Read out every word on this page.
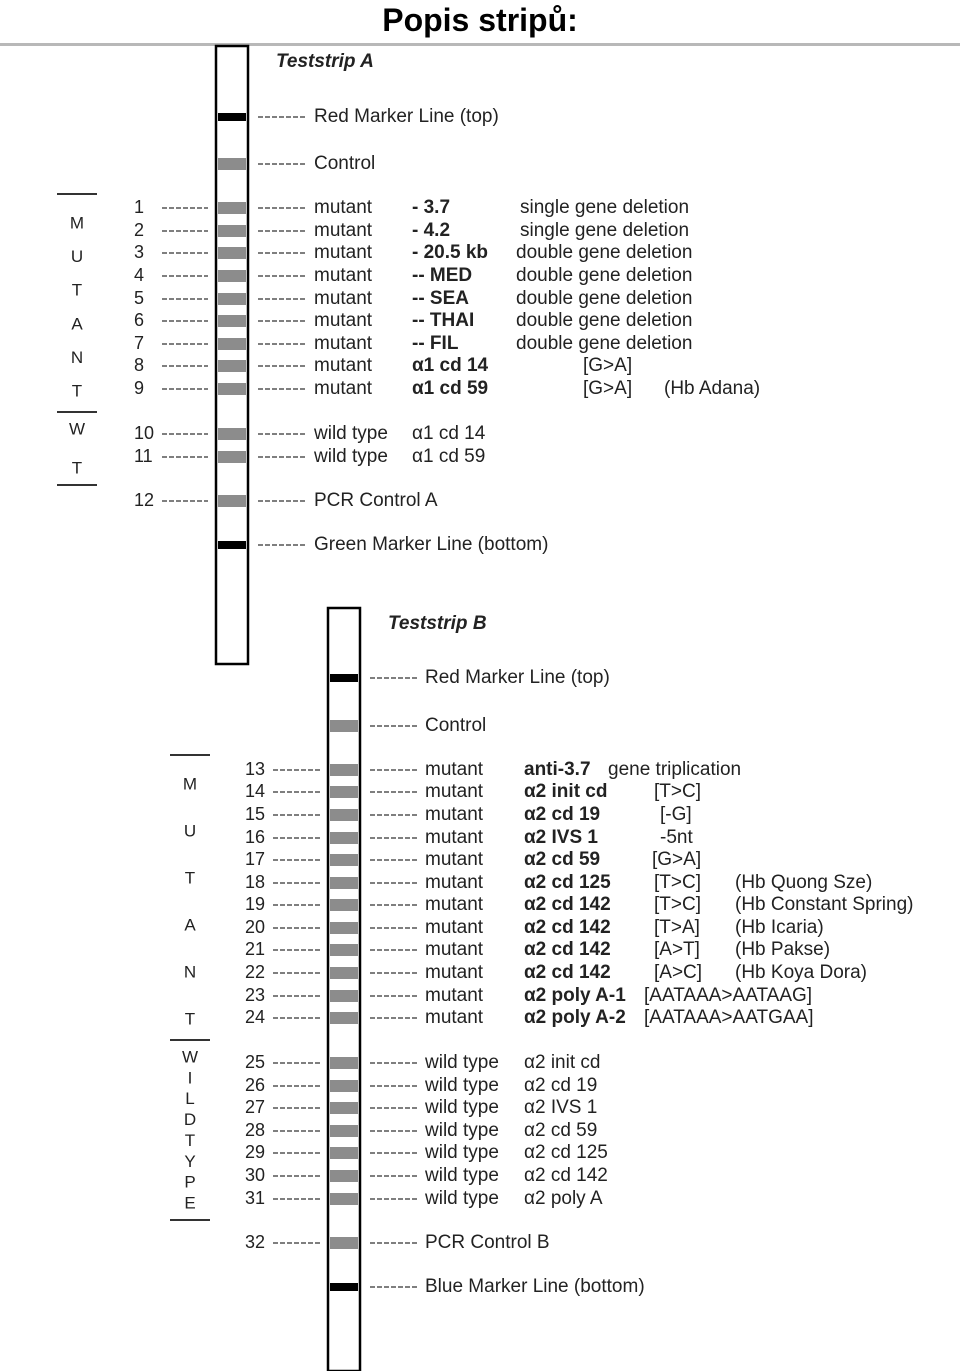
Popis stripů:
Teststrip A
Red Marker Line (top)
Control
1	mutant - 3.7	single gene deletion
2	mutant - 4.2	single gene deletion
3	mutant - 20.5 kb double gene deletion
4	mutant -- MED double gene deletion
5	mutant -- SEA double gene deletion
6	mutant -- THAI double gene deletion
7	mutant -- FIL	double gene deletion
8	mutant α1 cd 14	[G>A]
9	mutant α1 cd 59	[G>A] (Hb Adana)
10	wild type α1 cd 14
11	wild type α1 cd 59
12	PCR Control A
Green Marker Line (bottom)
M
U
T
A
N
T
W
T
Teststrip B
Red Marker Line (top)
Control
13	mutant anti-3.7 gene triplication
14	mutant α2 init cd [T>C]
15	mutant α2 cd 19	[-G]
16	mutant α2 IVS 1	-5nt
17	mutant α2 cd 59	[G>A]
18	mutant α2 cd 125 [T>C] (Hb Quong Sze)
19	mutant α2 cd 142 [T>C] (Hb Constant Spring)
20	mutant α2 cd 142 [T>A] (Hb Icaria)
21	mutant α2 cd 142 [A>T] (Hb Pakse)
22	mutant α2 cd 142 [A>C] (Hb Koya Dora)
23	mutant α2 poly A-1 [AATAAA>AATAAG]
24	mutant α2 poly A-2 [AATAAA>AATGAA]
25	wild type α2 init cd
26	wild type α2 cd 19
27	wild type α2 IVS 1
28	wild type α2 cd 59
29	wild type α2 cd 125
30	wild type α2 cd 142
31	wild type α2 poly A
32	PCR Control B
Blue Marker Line (bottom)
M
U
T
A
N
T
W
I
L
D
T
Y
P
E
